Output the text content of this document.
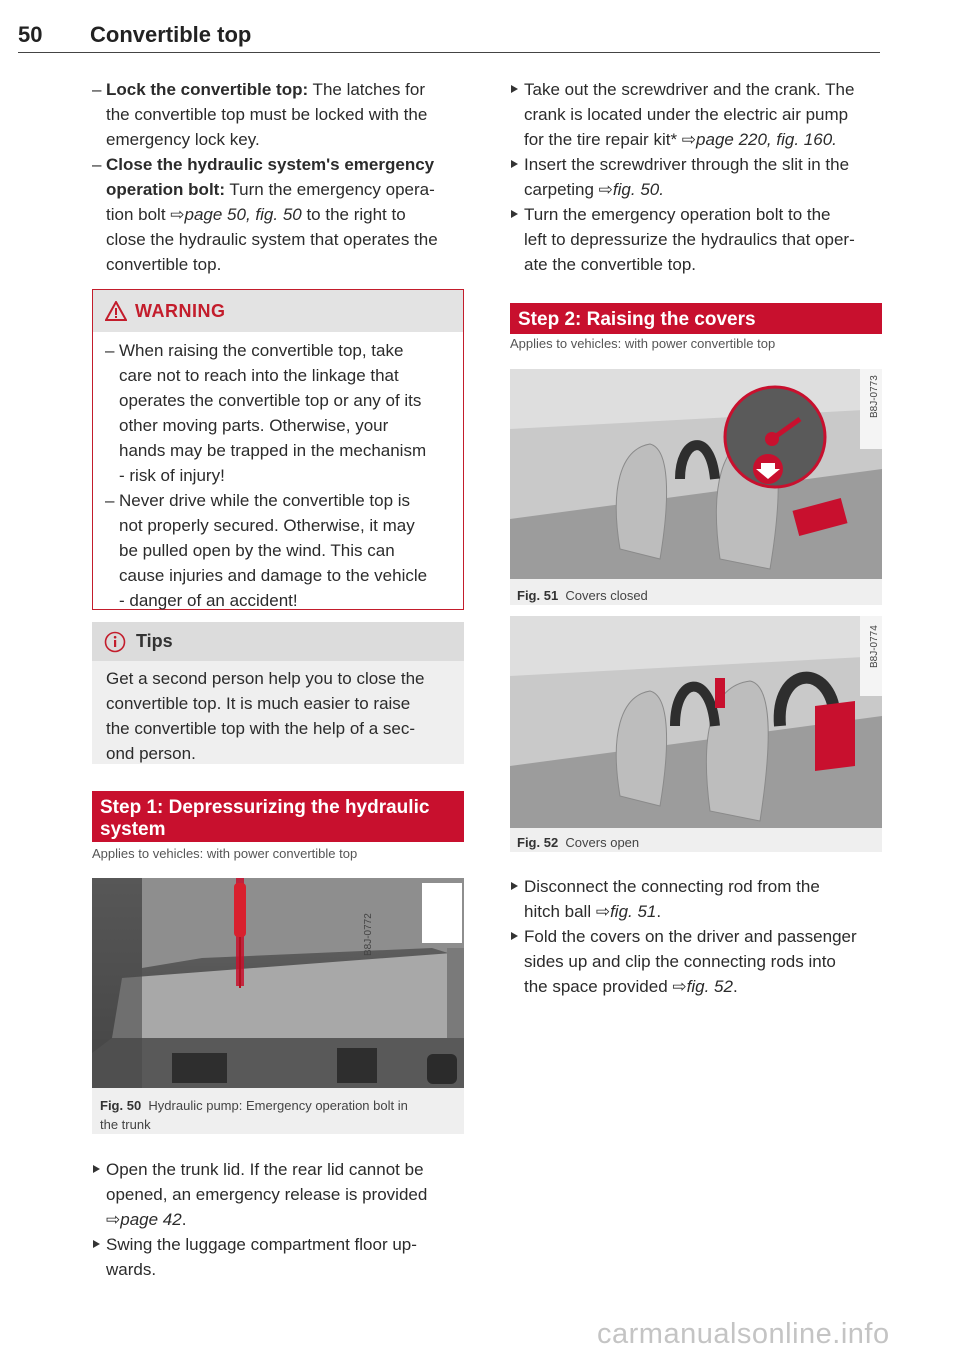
50 Convertible top

– Lock the convertible top: The latches for
the convertible top must be locked with the
emergency lock key.

– Close the hydraulic system's emergency
operation bolt: Turn the emergency opera-
tion bolt ⇨page 50, fig. 50 to the right to
close the hydraulic system that operates the
convertible top.

WARNING

– When raising the convertible top, take
care not to reach into the linkage that
operates the convertible top or any of its
other moving parts. Otherwise, your
hands may be trapped in the mechanism
- risk of injury!

– Never drive while the convertible top is
not properly secured. Otherwise, it may
be pulled open by the wind. This can
cause injuries and damage to the vehicle
- danger of an accident!

Tips
Get a second person help you to close the
convertible top. It is much easier to raise
the convertible top with the help of a sec-
ond person.
Step 1: Depressurizing the hydraulic
system
Applies to vehicles: with power convertible top
B8J-0772
Fig. 50 Hydraulic pump: Emergency operation bolt in
the trunk

Open the trunk lid. If the rear lid cannot be
opened, an emergency release is provided
⇨page 42.

Swing the luggage compartment floor up-
wards.

Take out the screwdriver and the crank. The
crank is located under the electric air pump
for the tire repair kit* ⇨page 220, fig. 160.

Insert the screwdriver through the slit in the
carpeting ⇨fig. 50.

Turn the emergency operation bolt to the
left to depressurize the hydraulics that oper-
ate the convertible top.

Step 2: Raising the covers
Applies to vehicles: with power convertible top
B8J-0773
Fig. 51 Covers closed
B8J-0774
Fig. 52 Covers open

Disconnect the connecting rod from the
hitch ball ⇨fig. 51.

Fold the covers on the driver and passenger
sides up and clip the connecting rods into
the space provided ⇨fig. 52.

carmanualsonline.info
